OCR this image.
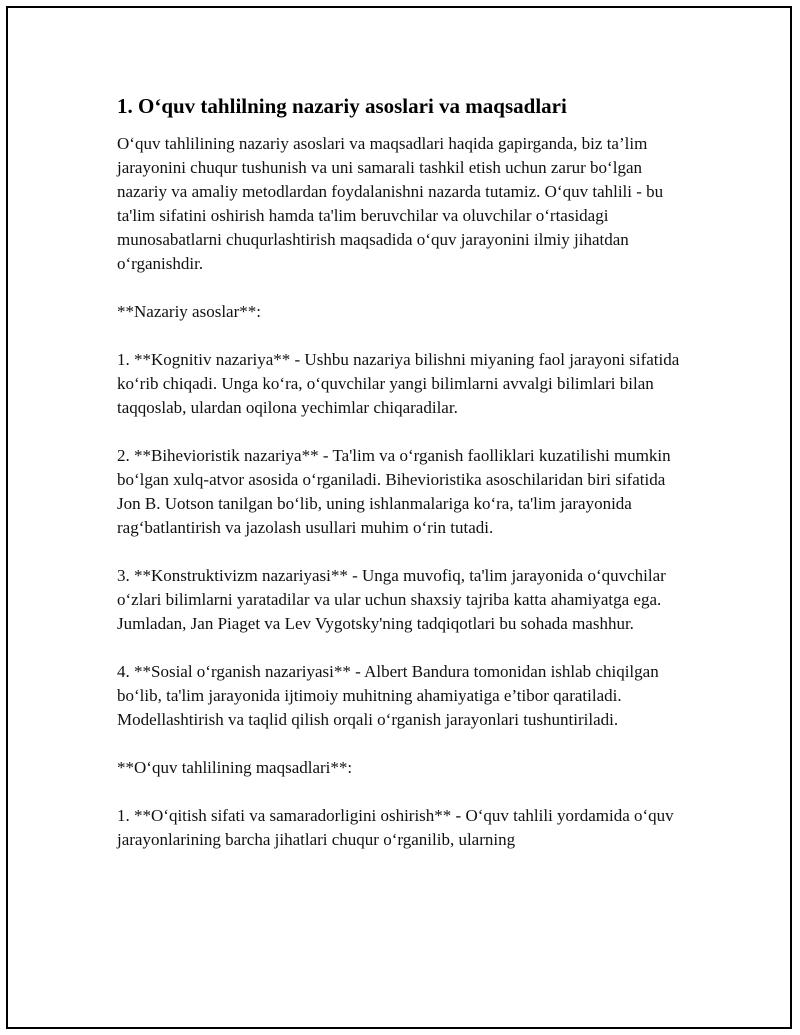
1. O‘quv tahlilning nazariy asoslari va maqsadlari

O‘quv tahlilining nazariy asoslari va maqsadlari haqida gapirganda, biz ta’lim jarayonini chuqur tushunish va uni samarali tashkil etish uchun zarur bo‘lgan nazariy va amaliy metodlardan foydalanishni nazarda tutamiz. O‘quv tahlili - bu ta'lim sifatini oshirish hamda ta'lim beruvchilar va oluvchilar o‘rtasidagi munosabatlarni chuqurlashtirish maqsadida o‘quv jarayonini ilmiy jihatdan o‘rganishdir.

**Nazariy asoslar**:

1. **Kognitiv nazariya** - Ushbu nazariya bilishni miyaning faol jarayoni sifatida ko‘rib chiqadi. Unga ko‘ra, o‘quvchilar yangi bilimlarni avvalgi bilimlari bilan taqqoslab, ulardan oqilona yechimlar chiqaradilar.

2. **Bihevioristik nazariya** - Ta'lim va o‘rganish faolliklari kuzatilishi mumkin bo‘lgan xulq-atvor asosida o‘rganiladi. Bihevioristika asoschilaridan biri sifatida Jon B. Uotson tanilgan bo‘lib, uning ishlanmalariga ko‘ra, ta'lim jarayonida rag‘batlantirish va jazolash usullari muhim o‘rin tutadi.

3. **Konstruktivizm nazariyasi** - Unga muvofiq, ta'lim jarayonida o‘quvchilar o‘zlari bilimlarni yaratadilar va ular uchun shaxsiy tajriba katta ahamiyatga ega. Jumladan, Jan Piaget va Lev Vygotsky'ning tadqiqotlari bu sohada mashhur.

4. **Sosial o‘rganish nazariyasi** - Albert Bandura tomonidan ishlab chiqilgan bo‘lib, ta'lim jarayonida ijtimoiy muhitning ahamiyatiga e’tibor qaratiladi. Modellashtirish va taqlid qilish orqali o‘rganish jarayonlari tushuntiriladi.

**O‘quv tahlilining maqsadlari**:

1. **O‘qitish sifati va samaradorligini oshirish** - O‘quv tahlili yordamida o‘quv jarayonlarining barcha jihatlari chuqur o‘rganilib, ularning
